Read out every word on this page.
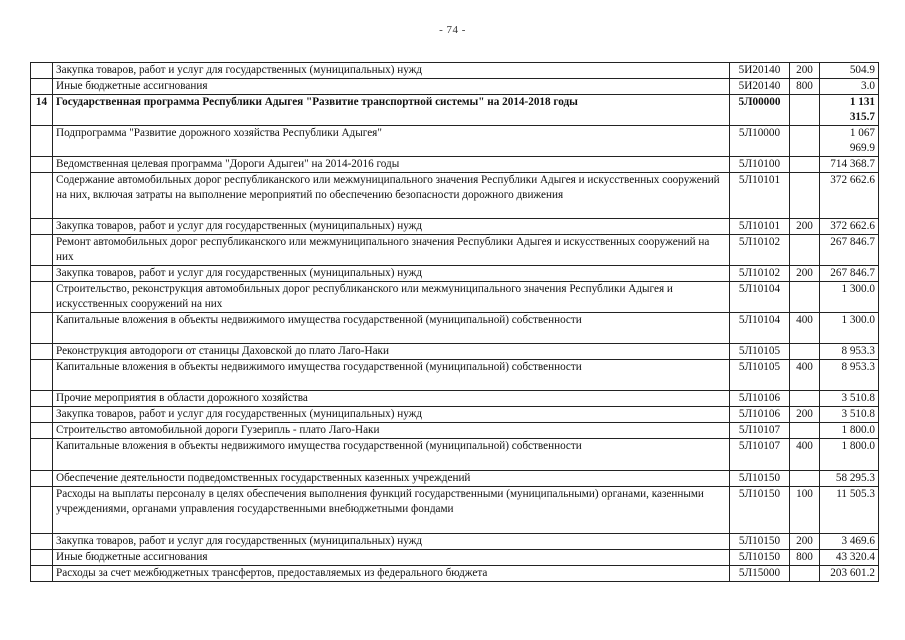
- 74 -
	Закупка товаров, работ и услуг для государственных (муниципальных) нужд	5И20140	200	504.9
	Иные бюджетные ассигнования	5И20140	800	3.0
14	Государственная программа Республики Адыгея "Развитие транспортной системы" на 2014-2018 годы	5Л00000		1 131 315.7
	Подпрограмма "Развитие дорожного хозяйства Республики Адыгея"	5Л10000		1 067 969.9
	Ведомственная целевая программа "Дороги Адыгеи" на 2014-2016 годы	5Л10100		714 368.7
	Содержание автомобильных дорог республиканского или межмуниципального значения Республики Адыгея и искусственных сооружений на них, включая затраты на выполнение мероприятий по обеспечению безопасности дорожного движения	5Л10101		372 662.6
	Закупка товаров, работ и услуг для государственных (муниципальных) нужд	5Л10101	200	372 662.6
	Ремонт автомобильных дорог республиканского или межмуниципального значения Республики Адыгея и искусственных сооружений на них	5Л10102		267 846.7
	Закупка товаров, работ и услуг для государственных (муниципальных) нужд	5Л10102	200	267 846.7
	Строительство, реконструкция автомобильных дорог республиканского или межмуниципального значения Республики Адыгея и искусственных сооружений на них	5Л10104		1 300.0
	Капитальные вложения в объекты недвижимого имущества государственной (муниципальной) собственности	5Л10104	400	1 300.0
	Реконструкция автодороги от станицы Даховской до плато Лаго-Наки	5Л10105		8 953.3
	Капитальные вложения в объекты недвижимого имущества государственной (муниципальной) собственности	5Л10105	400	8 953.3
	Прочие мероприятия в области дорожного хозяйства	5Л10106		3 510.8
	Закупка товаров, работ и услуг для государственных (муниципальных) нужд	5Л10106	200	3 510.8
	Строительство автомобильной дороги Гузерипль - плато Лаго-Наки	5Л10107		1 800.0
	Капитальные вложения в объекты недвижимого имущества государственной (муниципальной) собственности	5Л10107	400	1 800.0
	Обеспечение деятельности подведомственных государственных казенных учреждений	5Л10150		58 295.3
	Расходы на выплаты персоналу в целях обеспечения выполнения функций государственными (муниципальными) органами, казенными учреждениями, органами управления государственными внебюджетными фондами	5Л10150	100	11 505.3
	Закупка товаров, работ и услуг для государственных (муниципальных) нужд	5Л10150	200	3 469.6
	Иные бюджетные ассигнования	5Л10150	800	43 320.4
	Расходы за счет межбюджетных трансфертов, предоставляемых из федерального бюджета	5Л15000		203 601.2
